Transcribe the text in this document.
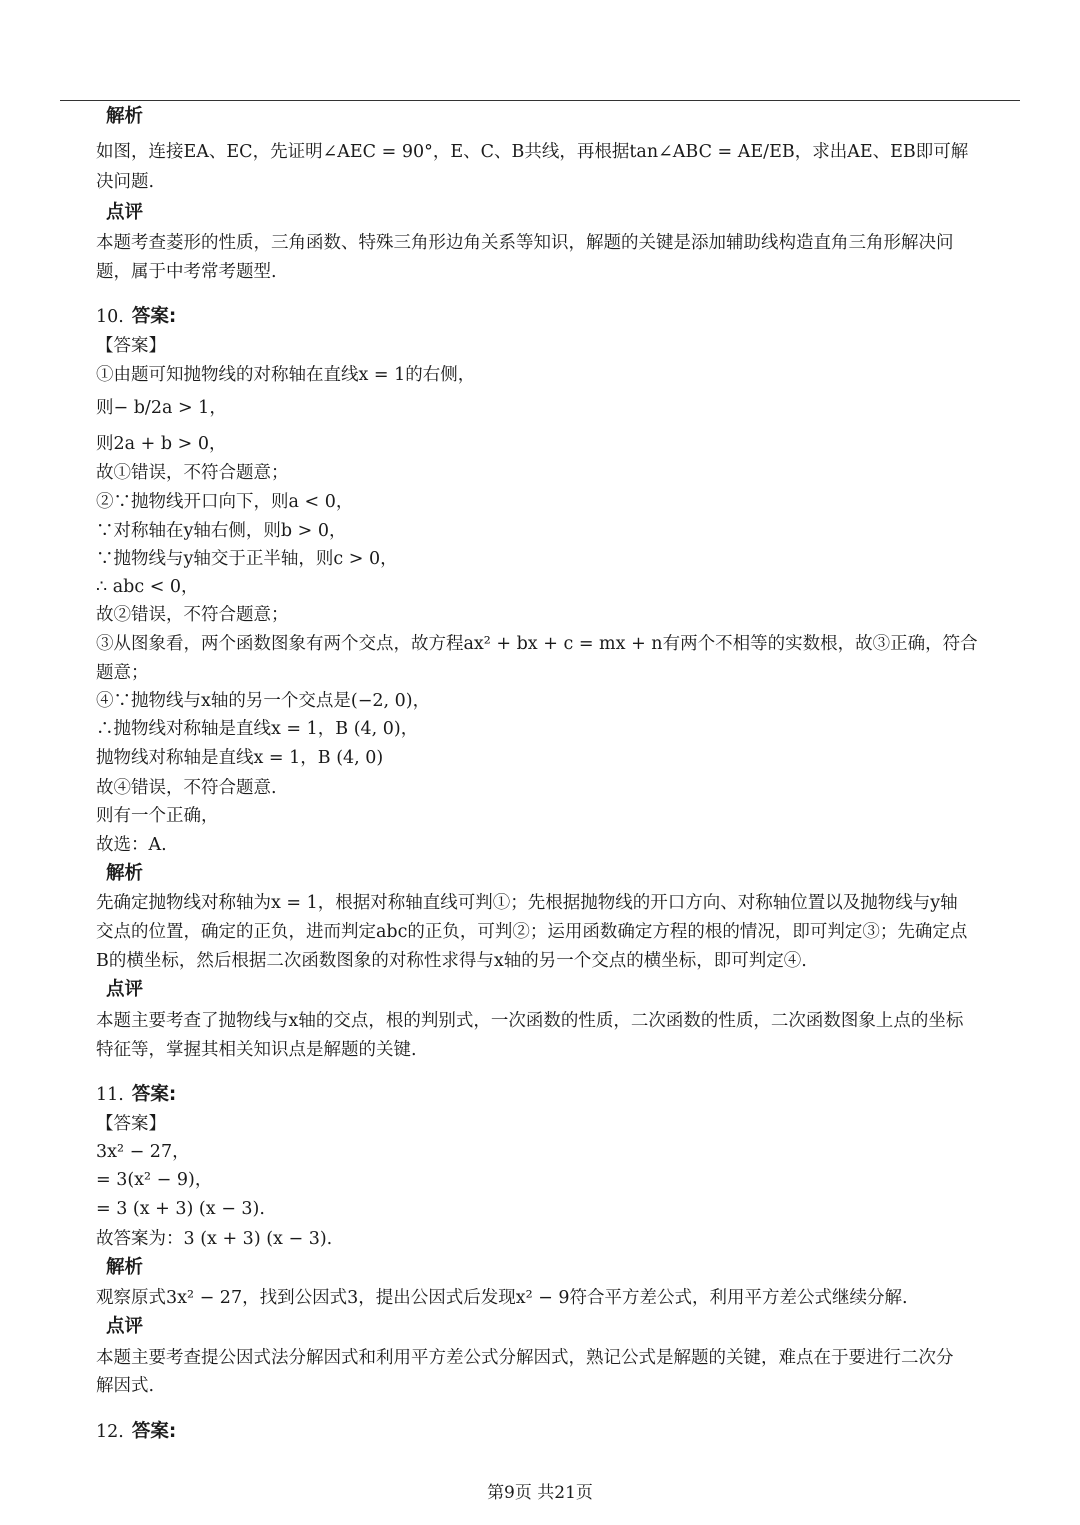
解析
如图，连接EA、EC，先证明∠AEC = 90°，E、C、B共线，再根据tan∠ABC = AE/EB，求出AE、EB即可解
决问题.
点评
本题考查菱形的性质，三角函数、特殊三角形边角关系等知识，解题的关键是添加辅助线构造直角三角形解决问
题，属于中考常考题型.
10. 答案:
【答案】
①由题可知抛物线的对称轴在直线x = 1的右侧，
则− b/2a > 1，
则2a + b > 0，
故①错误，不符合题意；
②∵抛物线开口向下，则a < 0，
∵对称轴在y轴右侧，则b > 0，
∵抛物线与y轴交于正半轴，则c > 0，
∴ abc < 0，
故②错误，不符合题意；
③从图象看，两个函数图象有两个交点，故方程ax² + bx + c = mx + n有两个不相等的实数根，故③正确，符合
题意；
④∵抛物线与x轴的另一个交点是(−2, 0)，
∴抛物线对称轴是直线x = 1，B (4, 0)，
抛物线对称轴是直线x = 1，B (4, 0)
故④错误，不符合题意.
则有一个正确，
故选：A.
解析
先确定抛物线对称轴为x = 1，根据对称轴直线可判①；先根据抛物线的开口方向、对称轴位置以及抛物线与y轴
交点的位置，确定的正负，进而判定abc的正负，可判②；运用函数确定方程的根的情况，即可判定③；先确定点
B的横坐标，然后根据二次函数图象的对称性求得与x轴的另一个交点的横坐标，即可判定④.
点评
本题主要考查了抛物线与x轴的交点，根的判别式，一次函数的性质，二次函数的性质，二次函数图象上点的坐标
特征等，掌握其相关知识点是解题的关键.
11. 答案:
【答案】
3x² − 27，
= 3(x² − 9)，
= 3 (x + 3) (x − 3).
故答案为：3 (x + 3) (x − 3).
解析
观察原式3x² − 27，找到公因式3，提出公因式后发现x² − 9符合平方差公式，利用平方差公式继续分解.
点评
本题主要考查提公因式法分解因式和利用平方差公式分解因式，熟记公式是解题的关键，难点在于要进行二次分
解因式.
12. 答案:
第9页 共21页
